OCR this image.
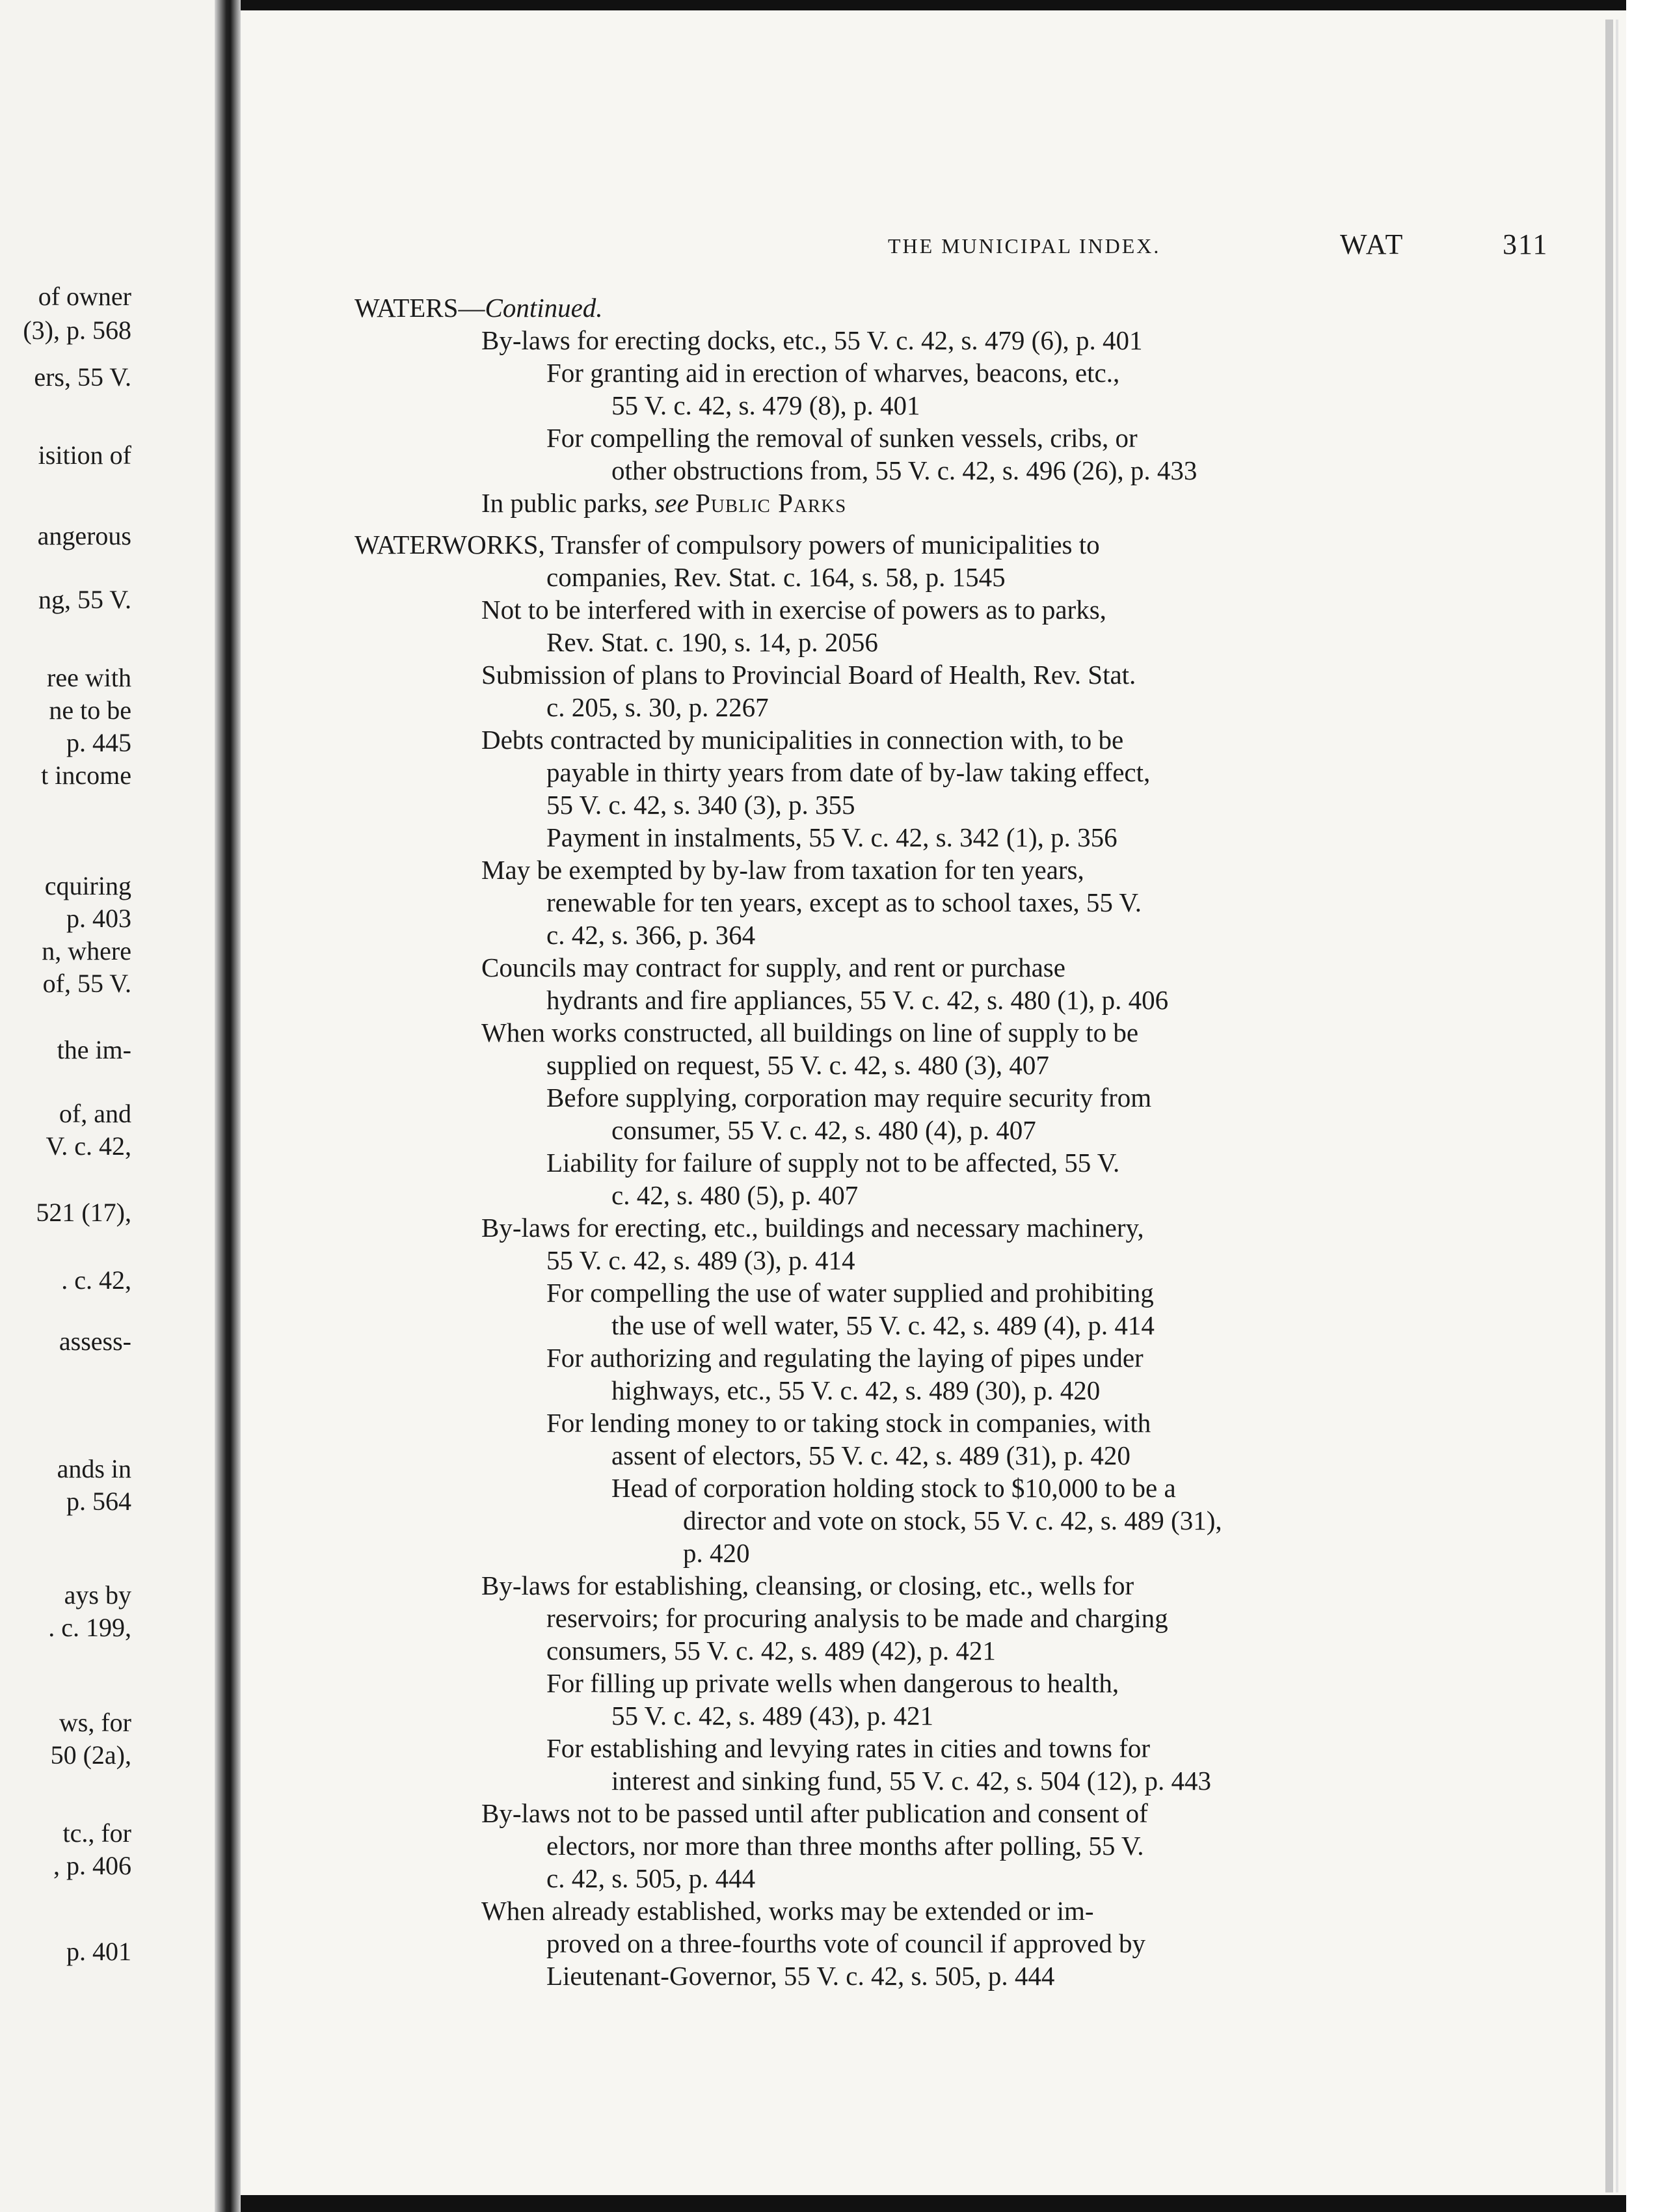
of owner
(3), p. 568
ers, 55 V.
isition of
angerous
ng, 55 V.
ree with
ne to be
p. 445
t income
cquiring
p. 403
n, where
of, 55 V.
the im-
of, and
V. c. 42,
521 (17),
. c. 42,
assess-
ands in
p. 564
ays by
. c. 199,
ws, for
50 (2a),
tc., for
, p. 406
p. 401
THE MUNICIPAL INDEX.	WAT	311
WATERS—Continued.
By-laws for erecting docks, etc., 55 V. c. 42, s. 479 (6), p. 401
For granting aid in erection of wharves, beacons, etc.,
55 V. c. 42, s. 479 (8), p. 401
For compelling the removal of sunken vessels, cribs, or
other obstructions from, 55 V. c. 42, s. 496 (26), p. 433
In public parks, see Public Parks
WATERWORKS, Transfer of compulsory powers of municipalities to
companies, Rev. Stat. c. 164, s. 58, p. 1545
Not to be interfered with in exercise of powers as to parks,
Rev. Stat. c. 190, s. 14, p. 2056
Submission of plans to Provincial Board of Health, Rev. Stat.
c. 205, s. 30, p. 2267
Debts contracted by municipalities in connection with, to be
payable in thirty years from date of by-law taking effect,
55 V. c. 42, s. 340 (3), p. 355
Payment in instalments, 55 V. c. 42, s. 342 (1), p. 356
May be exempted by by-law from taxation for ten years,
renewable for ten years, except as to school taxes, 55 V.
c. 42, s. 366, p. 364
Councils may contract for supply, and rent or purchase
hydrants and fire appliances, 55 V. c. 42, s. 480 (1), p. 406
When works constructed, all buildings on line of supply to be
supplied on request, 55 V. c. 42, s. 480 (3), 407
Before supplying, corporation may require security from
consumer, 55 V. c. 42, s. 480 (4), p. 407
Liability for failure of supply not to be affected, 55 V.
c. 42, s. 480 (5), p. 407
By-laws for erecting, etc., buildings and necessary machinery,
55 V. c. 42, s. 489 (3), p. 414
For compelling the use of water supplied and prohibiting
the use of well water, 55 V. c. 42, s. 489 (4), p. 414
For authorizing and regulating the laying of pipes under
highways, etc., 55 V. c. 42, s. 489 (30), p. 420
For lending money to or taking stock in companies, with
assent of electors, 55 V. c. 42, s. 489 (31), p. 420
Head of corporation holding stock to $10,000 to be a
director and vote on stock, 55 V. c. 42, s. 489 (31),
p. 420
By-laws for establishing, cleansing, or closing, etc., wells for
reservoirs; for procuring analysis to be made and charging
consumers, 55 V. c. 42, s. 489 (42), p. 421
For filling up private wells when dangerous to health,
55 V. c. 42, s. 489 (43), p. 421
For establishing and levying rates in cities and towns for
interest and sinking fund, 55 V. c. 42, s. 504 (12), p. 443
By-laws not to be passed until after publication and consent of
electors, nor more than three months after polling, 55 V.
c. 42, s. 505, p. 444
When already established, works may be extended or im-
proved on a three-fourths vote of council if approved by
Lieutenant-Governor, 55 V. c. 42, s. 505, p. 444
